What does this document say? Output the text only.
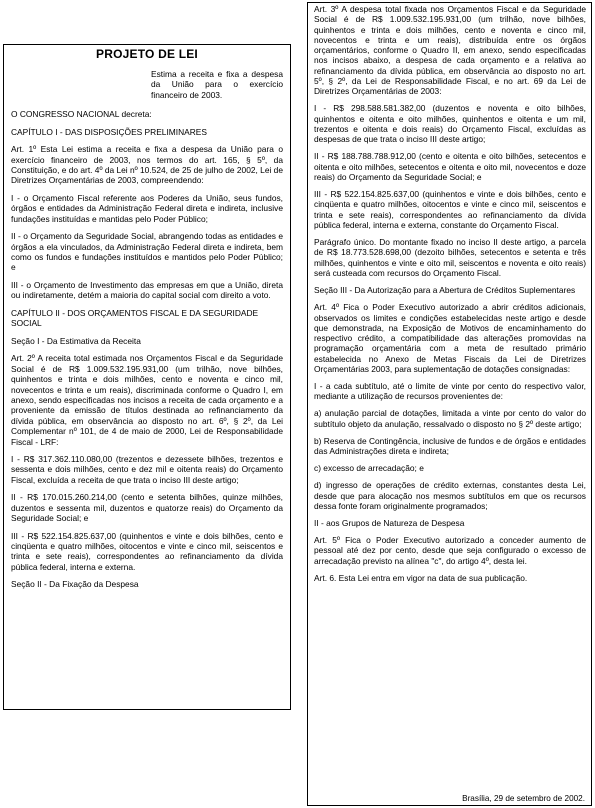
PROJETO DE LEI
Estima a receita e fixa a despesa da União para o exercício financeiro de 2003.
O CONGRESSO NACIONAL decreta:
CAPÍTULO I - DAS DISPOSIÇÕES PRELIMINARES
Art. 1º Esta Lei estima a receita e fixa a despesa da União para o exercício financeiro de 2003, nos termos do art. 165, § 5º, da Constituição, e do art. 4º da Lei nº 10.524, de 25 de julho de 2002, Lei de Diretrizes Orçamentárias de 2003, compreendendo:
I - o Orçamento Fiscal referente aos Poderes da União, seus fundos, órgãos e entidades da Administração Federal direta e indireta, inclusive fundações instituídas e mantidas pelo Poder Público;
II - o Orçamento da Seguridade Social, abrangendo todas as entidades e órgãos a ela vinculados, da Administração Federal direta e indireta, bem como os fundos e fundações instituídos e mantidos pelo Poder Público; e
III - o Orçamento de Investimento das empresas em que a União, direta ou indiretamente, detém a maioria do capital social com direito a voto.
CAPÍTULO II - DOS ORÇAMENTOS FISCAL E DA SEGURIDADE SOCIAL
Seção I - Da Estimativa da Receita
Art. 2º A receita total estimada nos Orçamentos Fiscal e da Seguridade Social é de R$ 1.009.532.195.931,00 (um trilhão, nove bilhões, quinhentos e trinta e dois milhões, cento e noventa e cinco mil, novecentos e trinta e um reais), discriminada conforme o Quadro I, em anexo, sendo especificadas nos incisos a receita de cada orçamento e a proveniente da emissão de títulos destinada ao refinanciamento da dívida pública, em observância ao disposto no art. 6º, § 2º, da Lei Complementar nº 101, de 4 de maio de 2000, Lei de Responsabilidade Fiscal - LRF:
I - R$ 317.362.110.080,00 (trezentos e dezessete bilhões, trezentos e sessenta e dois milhões, cento e dez mil e oitenta reais) do Orçamento Fiscal, excluída a receita de que trata o inciso III deste artigo;
II - R$ 170.015.260.214,00 (cento e setenta bilhões, quinze milhões, duzentos e sessenta mil, duzentos e quatorze reais) do Orçamento da Seguridade Social; e
III - R$ 522.154.825.637,00 (quinhentos e vinte e dois bilhões, cento e cinqüenta e quatro milhões, oitocentos e vinte e cinco mil, seiscentos e trinta e sete reais), correspondentes ao refinanciamento da dívida pública federal, interna e externa.
Seção II - Da Fixação da Despesa
Art. 3º A despesa total fixada nos Orçamentos Fiscal e da Seguridade Social é de R$ 1.009.532.195.931,00 (um trilhão, nove bilhões, quinhentos e trinta e dois milhões, cento e noventa e cinco mil, novecentos e trinta e um reais), distribuída entre os órgãos orçamentários, conforme o Quadro II, em anexo, sendo especificadas nos incisos abaixo, a despesa de cada orçamento e a relativa ao refinanciamento da dívida pública, em observância ao disposto no art. 5º, § 2º, da Lei de Responsabilidade Fiscal, e no art. 69 da Lei de Diretrizes Orçamentárias de 2003:
I - R$ 298.588.581.382,00 (duzentos e noventa e oito bilhões, quinhentos e oitenta e oito milhões, quinhentos e oitenta e um mil, trezentos e oitenta e dois reais) do Orçamento Fiscal, excluídas as despesas de que trata o inciso III deste artigo;
II - R$ 188.788.788.912,00 (cento e oitenta e oito bilhões, setecentos e oitenta e oito milhões, setecentos e oitenta e oito mil, novecentos e doze reais) do Orçamento da Seguridade Social; e
III - R$ 522.154.825.637,00 (quinhentos e vinte e dois bilhões, cento e cinqüenta e quatro milhões, oitocentos e vinte e cinco mil, seiscentos e trinta e sete reais), correspondentes ao refinanciamento da dívida pública federal, interna e externa, constante do Orçamento Fiscal.
Parágrafo único. Do montante fixado no inciso II deste artigo, a parcela de R$ 18.773.528.698,00 (dezoito bilhões, setecentos e setenta e três milhões, quinhentos e vinte e oito mil, seiscentos e noventa e oito reais) será custeada com recursos do Orçamento Fiscal.
Seção III - Da Autorização para a Abertura de Créditos Suplementares
Art. 4º Fica o Poder Executivo autorizado a abrir créditos adicionais, observados os limites e condições estabelecidas neste artigo e desde que demonstrada, na Exposição de Motivos de encaminhamento do respectivo crédito, a compatibilidade das alterações promovidas na programação orçamentária com a meta de resultado primário estabelecida no Anexo de Metas Fiscais da Lei de Diretrizes Orçamentárias 2003, para suplementação de dotações consignadas:
I - a cada subtítulo, até o limite de vinte por cento do respectivo valor, mediante a utilização de recursos provenientes de:
a) anulação parcial de dotações, limitada a vinte por cento do valor do subtítulo objeto da anulação, ressalvado o disposto no § 2º deste artigo;
b) Reserva de Contingência, inclusive de fundos e de órgãos e entidades das Administrações direta e indireta;
c) excesso de arrecadação; e
d) ingresso de operações de crédito externas, constantes desta Lei, desde que para alocação nos mesmos subtítulos em que os recursos dessa fonte foram originalmente programados;
II - aos Grupos de Natureza de Despesa
Art. 5º Fica o Poder Executivo autorizado a conceder aumento de pessoal até dez por cento, desde que seja configurado o excesso de arrecadação previsto na alínea "c", do artigo 4º, desta lei.
Art. 6. Esta Lei entra em vigor na data de sua publicação.
Brasília, 29 de setembro de 2002.
